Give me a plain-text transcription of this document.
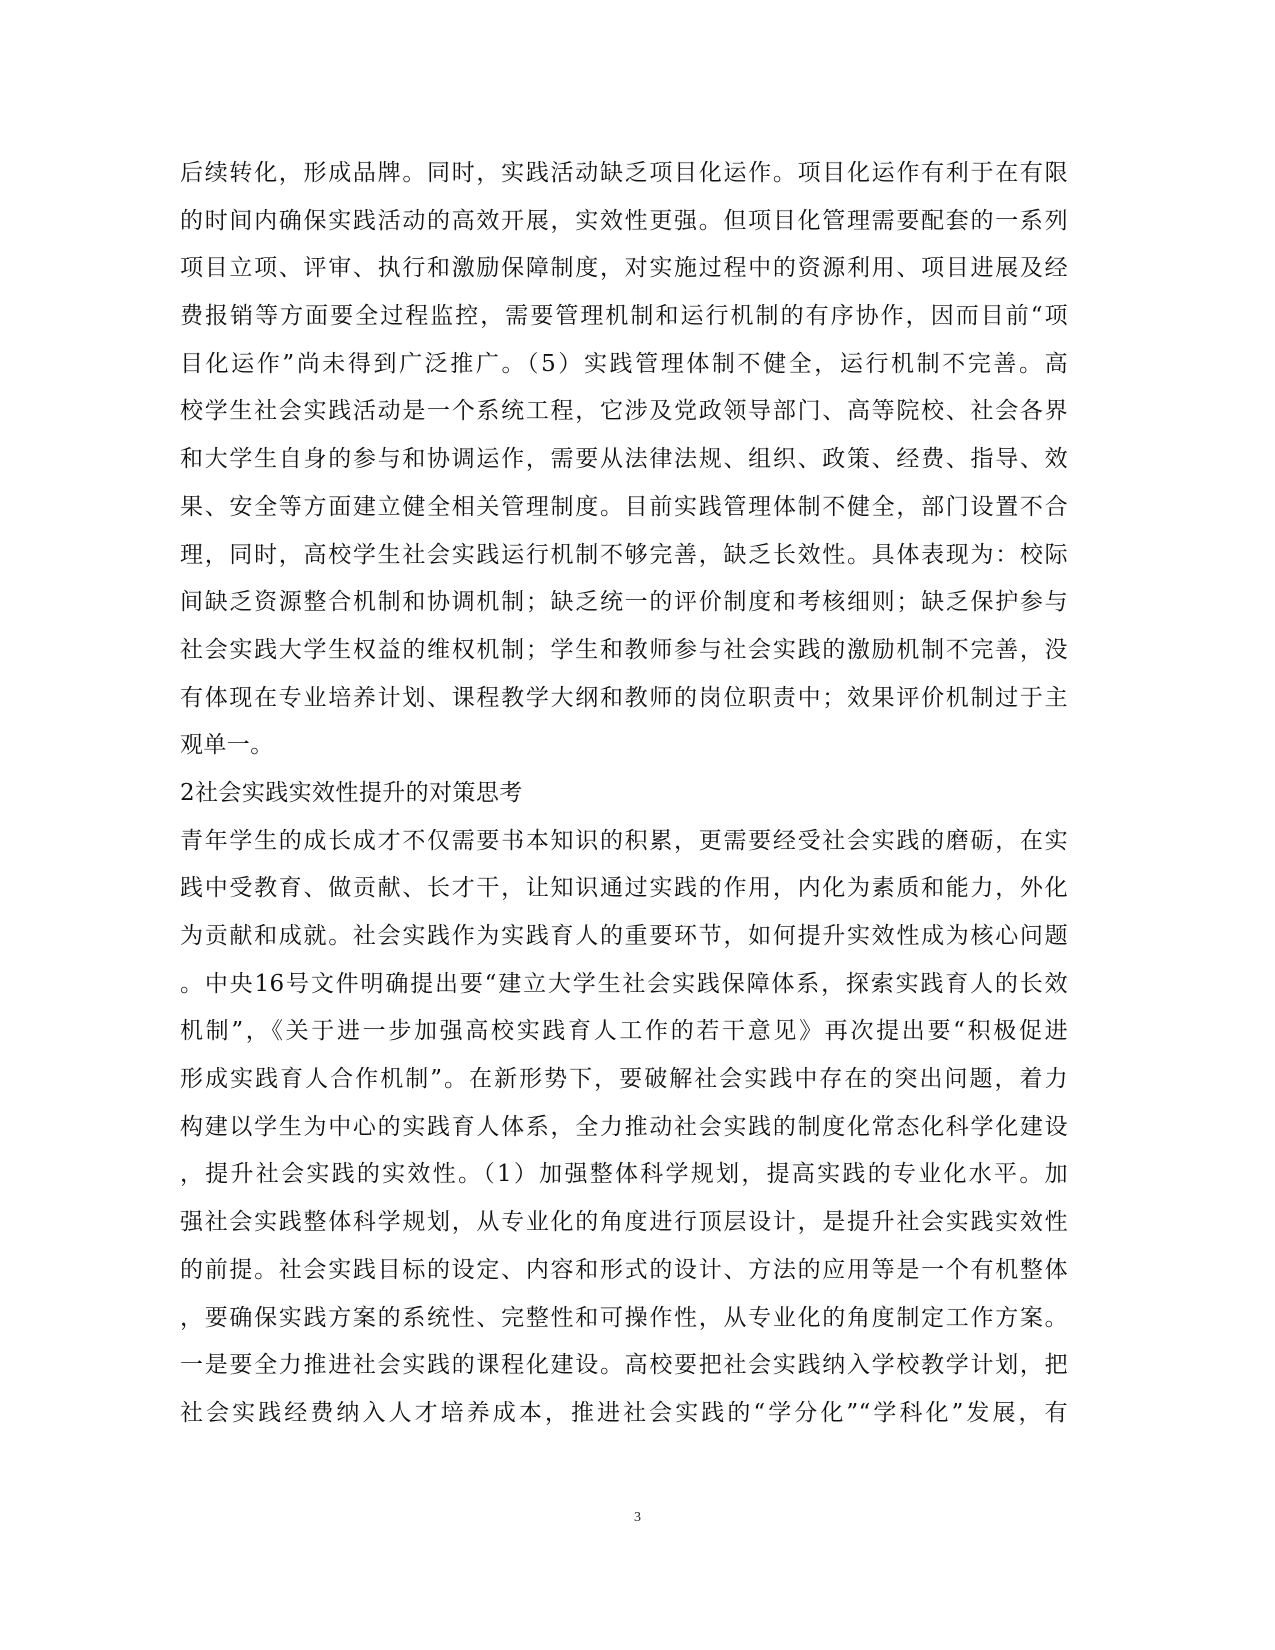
后续转化，形成品牌。同时，实践活动缺乏项目化运作。项目化运作有利于在有限
的时间内确保实践活动的高效开展，实效性更强。但项目化管理需要配套的一系列
项目立项、评审、执行和激励保障制度，对实施过程中的资源利用、项目进展及经
费报销等方面要全过程监控，需要管理机制和运行机制的有序协作，因而目前“项
目化运作”尚未得到广泛推广。（5）实践管理体制不健全，运行机制不完善。高
校学生社会实践活动是一个系统工程，它涉及党政领导部门、高等院校、社会各界
和大学生自身的参与和协调运作，需要从法律法规、组织、政策、经费、指导、效
果、安全等方面建立健全相关管理制度。目前实践管理体制不健全，部门设置不合
理，同时，高校学生社会实践运行机制不够完善，缺乏长效性。具体表现为：校际
间缺乏资源整合机制和协调机制；缺乏统一的评价制度和考核细则；缺乏保护参与
社会实践大学生权益的维权机制；学生和教师参与社会实践的激励机制不完善，没
有体现在专业培养计划、课程教学大纲和教师的岗位职责中；效果评价机制过于主
观单一。
2社会实践实效性提升的对策思考
青年学生的成长成才不仅需要书本知识的积累，更需要经受社会实践的磨砺，在实
践中受教育、做贡献、长才干，让知识通过实践的作用，内化为素质和能力，外化
为贡献和成就。社会实践作为实践育人的重要环节，如何提升实效性成为核心问题
。中央16号文件明确提出要“建立大学生社会实践保障体系，探索实践育人的长效
机制”，《关于进一步加强高校实践育人工作的若干意见》再次提出要“积极促进
形成实践育人合作机制”。在新形势下，要破解社会实践中存在的突出问题，着力
构建以学生为中心的实践育人体系，全力推动社会实践的制度化常态化科学化建设
，提升社会实践的实效性。（1）加强整体科学规划，提高实践的专业化水平。加
强社会实践整体科学规划，从专业化的角度进行顶层设计，是提升社会实践实效性
的前提。社会实践目标的设定、内容和形式的设计、方法的应用等是一个有机整体
，要确保实践方案的系统性、完整性和可操作性，从专业化的角度制定工作方案。
一是要全力推进社会实践的课程化建设。高校要把社会实践纳入学校教学计划，把
社会实践经费纳入人才培养成本，推进社会实践的“学分化”“学科化”发展，有
3
